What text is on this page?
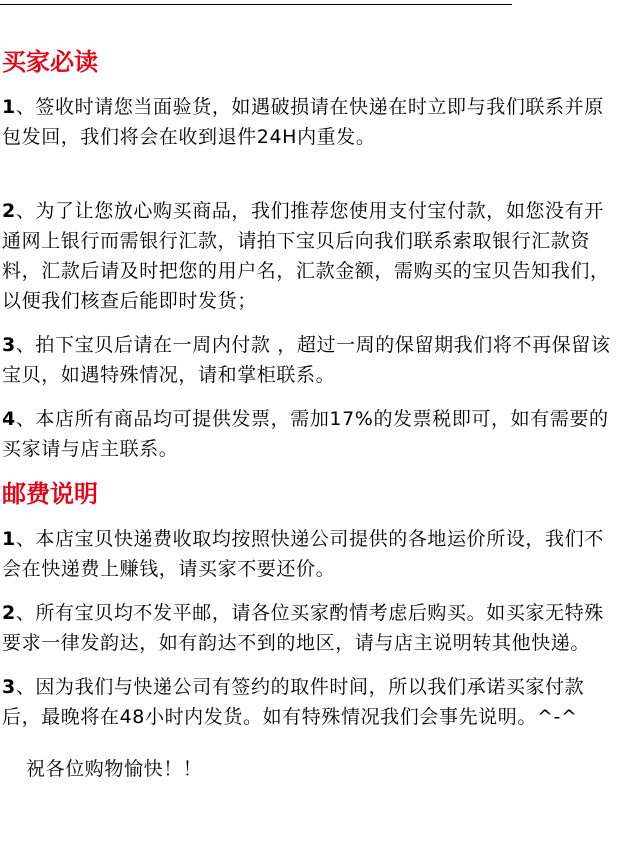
买家必读

1、签收时请您当面验货，如遇破损请在快递在时立即与我们联系并原包发回，我们将会在收到退件24H内重发。

2、为了让您放心购买商品，我们推荐您使用支付宝付款，如您没有开通网上银行而需银行汇款，请拍下宝贝后向我们联系索取银行汇款资料，汇款后请及时把您的用户名，汇款金额，需购买的宝贝告知我们，以便我们核查后能即时发货；

3、拍下宝贝后请在一周内付款 ，超过一周的保留期我们将不再保留该宝贝，如遇特殊情况，请和掌柜联系。

4、本店所有商品均可提供发票，需加17%的发票税即可，如有需要的买家请与店主联系。

邮费说明

1、本店宝贝快递费收取均按照快递公司提供的各地运价所设，我们不会在快递费上赚钱，请买家不要还价。

2、所有宝贝均不发平邮，请各位买家酌情考虑后购买。如买家无特殊要求一律发韵达，如有韵达不到的地区，请与店主说明转其他快递。

3、因为我们与快递公司有签约的取件时间，所以我们承诺买家付款后，最晚将在48小时内发货。如有特殊情况我们会事先说明。^-^

祝各位购物愉快！！
